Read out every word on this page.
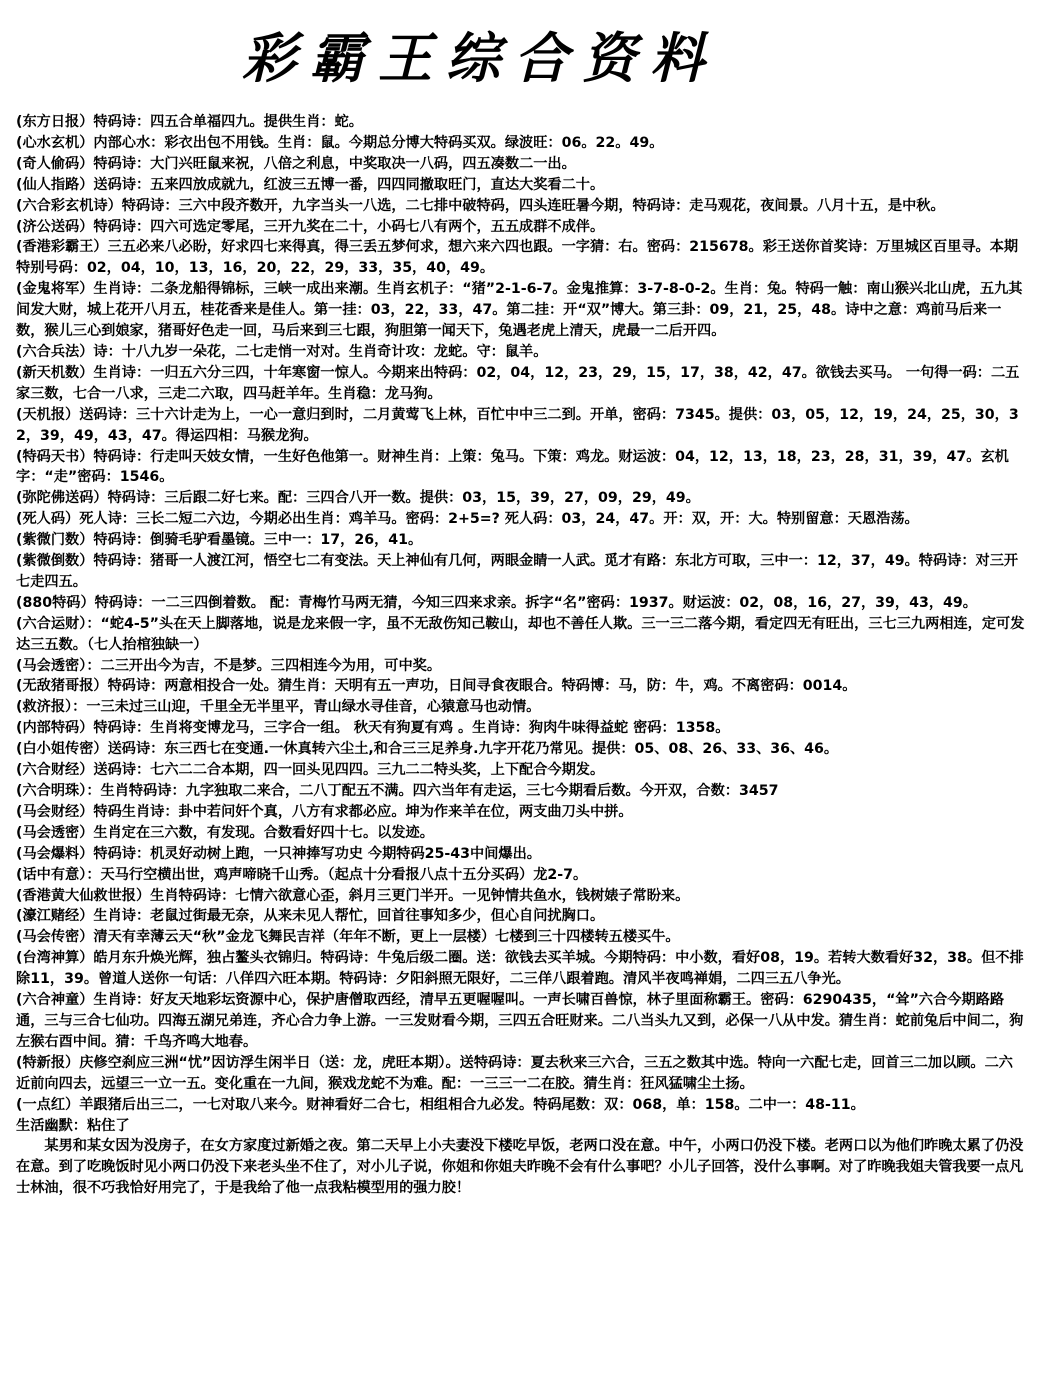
彩霸王综合资料

(东方日报）特码诗：四五合单福四九。提供生肖：蛇。

(心水玄机）内部心水：彩衣出包不用钱。生肖：鼠。今期总分博大特码买双。绿波旺：06。22。49。

(奇人偷码）特码诗：大门兴旺鼠来祝，八倍之利息，中奖取决一八码，四五凑数二一出。

(仙人指路）送码诗：五来四放成就九，红波三五博一番，四四同撤取旺门，直达大奖看二十。

(六合彩玄机诗）特码诗：三六中段齐数开，九字当头一八选，二七排中破特码，四头连旺暑今期，特码诗：走马观花，夜间景。八月十五，是中秋。

(济公送码）特码诗：四六可选定零尾，三开九奖在二十，小码七八有两个，五五成群不成伴。

(香港彩霸王）三五必来八必盼，好求四七来得真，得三丢五梦何求，想六来六四也跟。一字猜：右。密码：215678。彩王送你首奖诗：万里城区百里寻。本期特别号码：02，04，10，13，16，20，22，29，33，35，40，49。

(金鬼将军）生肖诗：二条龙船得锦标，三峡一成出来潮。生肖玄机子：“猪”2-1-6-7。金鬼推算：3-7-8-0-2。生肖：兔。特码一触：南山猴兴北山虎，五九其间发大财，城上花开八月五，桂花香来是佳人。第一挂：03，22，33，47。第二挂：开“双”博大。第三卦：09，21，25，48。诗中之意：鸡前马后来一数，猴儿三心到娘家，猪哥好色走一回，马后来到三七跟，狗胆第一闻天下，兔遇老虎上清天，虎最一二后开四。

(六合兵法）诗：十八九岁一朵花，二七走悄一对对。生肖奇计攻：龙蛇。守：鼠羊。

(新天机数）生肖诗：一归五六分三四，十年寒窗一惊人。今期来出特码：02，04，12，23，29，15，17，38，42，47。欲钱去买马。 一句得一码：二五家三数，七合一八求，三走二六取，四马赶羊年。生肖稳：龙马狗。

(天机报）送码诗：三十六计走为上，一心一意归到时，二月黄莺飞上林，百忙中中三二到。开单，密码：7345。提供：03，05，12，19，24，25，30，32，39，49，43，47。得运四相：马猴龙狗。

(特码天书）特码诗：行走叫天妓女情，一生好色他第一。财神生肖：上策：兔马。下策：鸡龙。财运波：04，12，13，18，23，28，31，39，47。玄机字：“走”密码：1546。

(弥陀佛送码）特码诗：三后跟二好七来。配：三四合八开一数。提供：03，15，39，27，09，29，49。

(死人码）死人诗：三长二短二六边，今期必出生肖：鸡羊马。密码：2+5=? 死人码：03，24，47。开：双，开：大。特别留意：天恩浩荡。

(紫微门数）特码诗：倒骑毛驴看墨镜。三中一：17，26，41。

(紫微倒数）特码诗：猪哥一人渡江河，悟空七二有变法。天上神仙有几何，两眼金睛一人武。觅才有路：东北方可取，三中一：12，37，49。特码诗：对三开七走四五。

(880特码）特码诗：一二三四倒着数。 配：青梅竹马两无猜，今知三四来求亲。拆字“名”密码：1937。财运波：02，08，16，27，39，43，49。

(六合运财）：“蛇4-5”头在天上脚落地，说是龙来假一字，虽不无敌伤知己鞍山，却也不善任人欺。三一三二落今期，看定四无有旺出，三七三九两相连，定可发达三五数。（七人抬棺独缺一）

(马会透密）：二三开出今为吉，不是梦。三四相连今为用，可中奖。

(无敌猪哥报）特码诗：两意相投合一处。猜生肖：天明有五一声功，日间寻食夜眼合。特码博：马，防：牛，鸡。不离密码：0014。

(救济报）：一三未过三山迎，千里全无半里平，青山绿水寻佳音，心猿意马也动情。

(内部特码）特码诗：生肖将变博龙马，三字合一组。 秋天有狗夏有鸡 。生肖诗：狗肉牛味得益蛇 密码：1358。

(白小姐传密）送码诗：东三西七在变通.一休真转六尘土,和合三三足养身.九字开花乃常见。提供：05、08、26、33、36、46。

(六合财经）送码诗：七六二二合本期，四一回头见四四。三九二二特头奖，上下配合今期发。

(六合明珠）：生肖特码诗：九字独取二来合，二八丁配五不满。四六当年有走运，三七今期看后数。今开双，合数：3457

(马会财经）特码生肖诗：卦中若问奸个真，八方有求都必应。坤为作来羊在位，两支曲刀头中拼。

(马会透密）生肖定在三六数，有发现。合数看好四十七。以发迹。

(马会爆料）特码诗：机灵好动树上跑，一只神捧写功史 今期特码25-43中间爆出。

(话中有意）：天马行空横出世，鸡声啼晓千山秀。（起点十分看报八点十五分买码）龙2-7。

(香港黄大仙救世报）生肖特码诗：七情六欲意心歪，斜月三更门半开。一见钟情共鱼水，钱树婊子常盼来。

(濠江赌经）生肖诗：老鼠过街最无奈，从来未见人帮忙，回首往事知多少，但心自问扰胸口。

(马会传密）清天有幸薄云天“秋”金龙飞舞民吉祥（年年不断，更上一层楼）七楼到三十四楼转五楼买牛。

(台湾神算）皓月东升焕光辉，独占鳌头衣锦归。特码诗：牛兔后级二圈。送：欲钱去买羊城。今期特码：中小数，看好08，19。若转大数看好32，38。但不排除11，39。曾道人送你一句话：八佯四六旺本期。特码诗：夕阳斜照无限好，二三佯八跟着跑。清风半夜鸣禅娟，二四三五八争光。

(六合神童）生肖诗：好友天地彩坛资源中心，保护唐僧取西经，清早五更喔喔叫。一声长啸百兽惊，林子里面称霸王。密码：6290435，“耸”六合今期路路通，三与三合七仙功。四海五湖兄弟连，齐心合力争上游。一三发财看今期，三四五合旺财来。二八当头九又到，必保一八从中发。猜生肖：蛇前兔后中间二，狗左猴右酉中间。猜：千鸟齐鸣大地春。

(特新报）庆修空刹应三洲“忧”因访浮生闲半日（送：龙，虎旺本期）。送特码诗：夏去秋来三六合，三五之数其中选。特向一六配七走，回首三二加以顾。二六近前向四去，远望三一立一五。变化重在一九间，猴戏龙蛇不为难。配：一三三一二在胶。猜生肖：狂风猛啸尘土扬。

(一点红）羊跟猪后出三二，一七对取八来今。财神看好二合七，相组相合九必发。特码尾数：双：068，单：158。二中一：48-11。

生活幽默：粘住了

某男和某女因为没房子，在女方家度过新婚之夜。第二天早上小夫妻没下楼吃早饭，老两口没在意。中午，小两口仍没下楼。老两口以为他们昨晚太累了仍没在意。到了吃晚饭时见小两口仍没下来老头坐不住了，对小儿子说，你姐和你姐夫昨晚不会有什么事吧？小儿子回答，没什么事啊。对了昨晚我姐夫管我要一点凡士林油，很不巧我恰好用完了，于是我给了他一点我粘模型用的强力胶！
